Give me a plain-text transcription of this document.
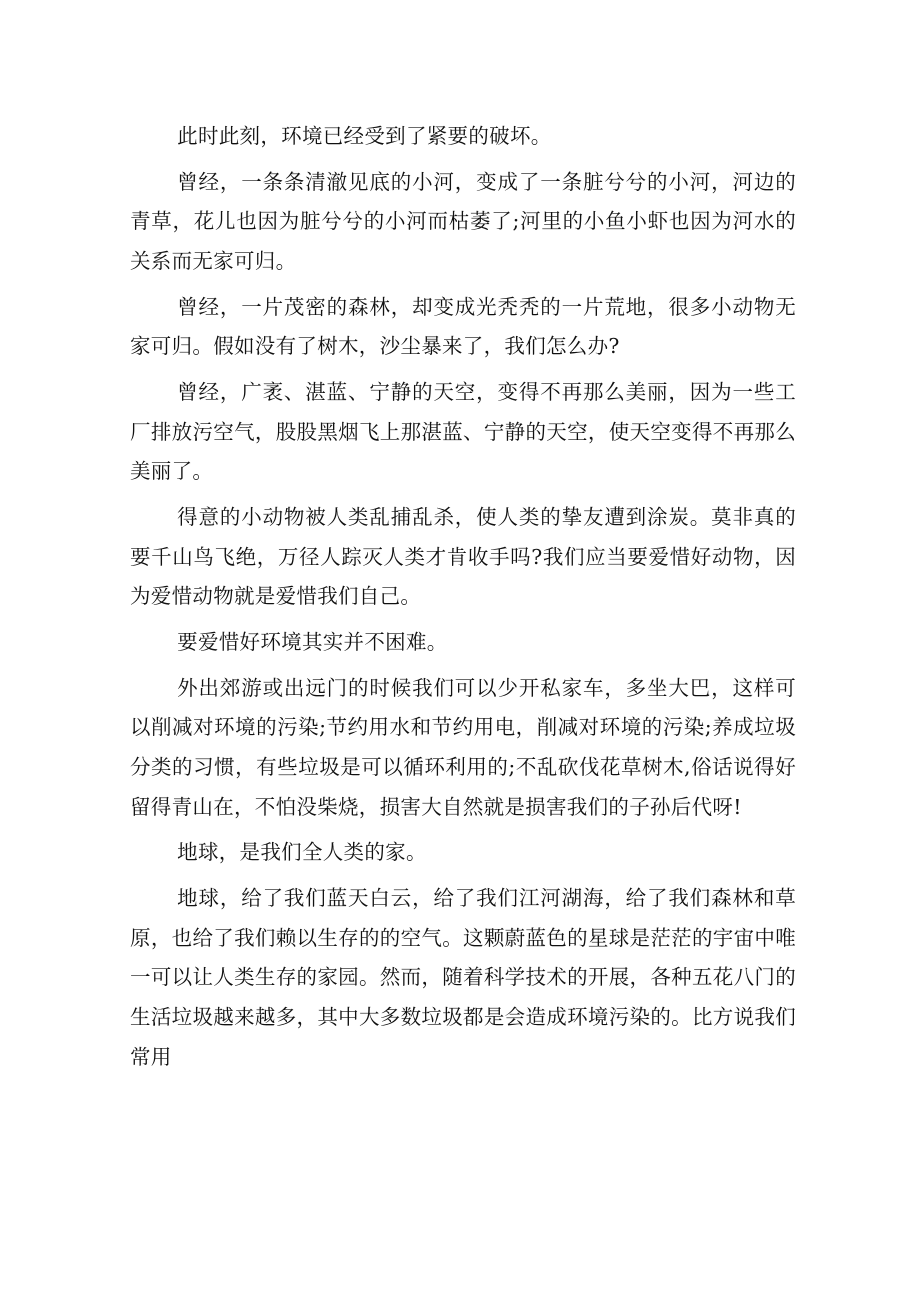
此时此刻，环境已经受到了紧要的破坏。

曾经，一条条清澈见底的小河，变成了一条脏兮兮的小河，河边的青草，花儿也因为脏兮兮的小河而枯萎了;河里的小鱼小虾也因为河水的关系而无家可归。

曾经，一片茂密的森林，却变成光秃秃的一片荒地，很多小动物无家可归。假如没有了树木，沙尘暴来了，我们怎么办?

曾经，广袤、湛蓝、宁静的天空，变得不再那么美丽，因为一些工厂排放污空气，股股黑烟飞上那湛蓝、宁静的天空，使天空变得不再那么美丽了。

得意的小动物被人类乱捕乱杀，使人类的挚友遭到涂炭。莫非真的要千山鸟飞绝，万径人踪灭人类才肯收手吗?我们应当要爱惜好动物，因为爱惜动物就是爱惜我们自己。

要爱惜好环境其实并不困难。

外出郊游或出远门的时候我们可以少开私家车，多坐大巴，这样可以削减对环境的污染;节约用水和节约用电，削减对环境的污染;养成垃圾分类的习惯，有些垃圾是可以循环利用的;不乱砍伐花草树木,俗话说得好留得青山在，不怕没柴烧，损害大自然就是损害我们的子孙后代呀!

地球，是我们全人类的家。

地球，给了我们蓝天白云，给了我们江河湖海，给了我们森林和草原，也给了我们赖以生存的的空气。这颗蔚蓝色的星球是茫茫的宇宙中唯一可以让人类生存的家园。然而，随着科学技术的开展，各种五花八门的生活垃圾越来越多，其中大多数垃圾都是会造成环境污染的。比方说我们常用
